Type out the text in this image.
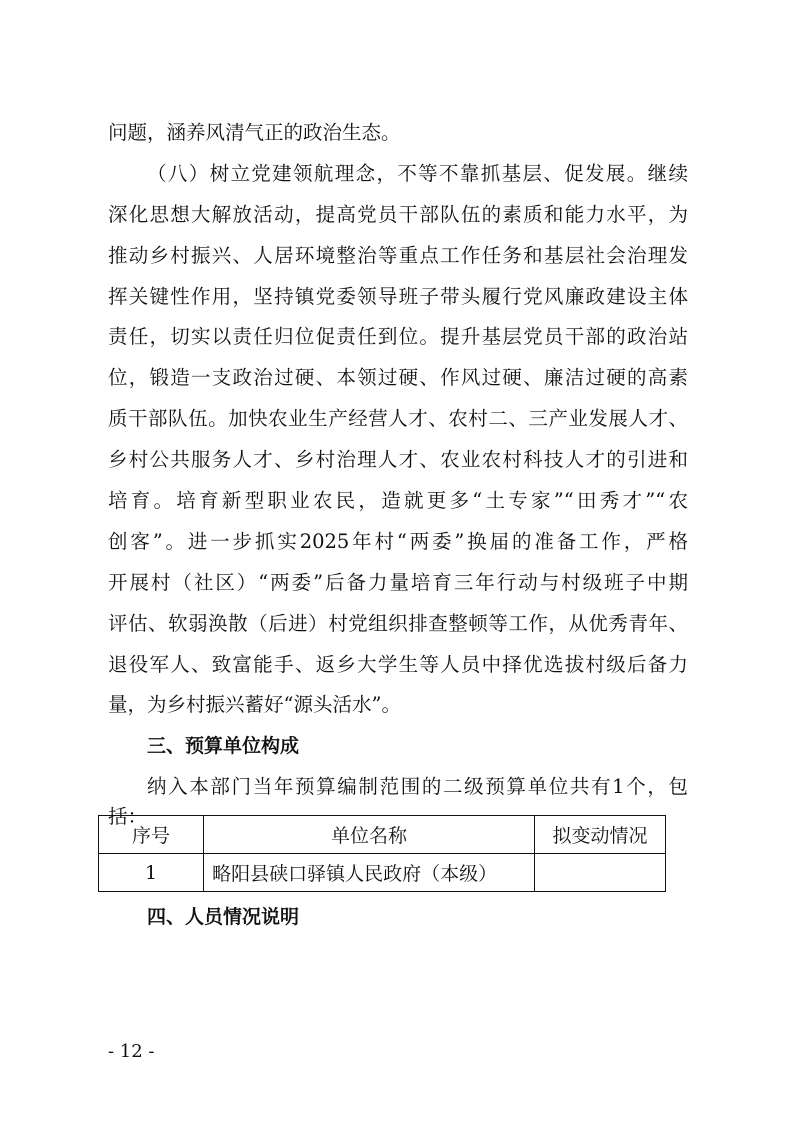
问题，涵养风清气正的政治生态。
（八）树立党建领航理念，不等不靠抓基层、促发展。继续
深化思想大解放活动，提高党员干部队伍的素质和能力水平，为
推动乡村振兴、人居环境整治等重点工作任务和基层社会治理发
挥关键性作用，坚持镇党委领导班子带头履行党风廉政建设主体
责任，切实以责任归位促责任到位。提升基层党员干部的政治站
位，锻造一支政治过硬、本领过硬、作风过硬、廉洁过硬的高素
质干部队伍。加快农业生产经营人才、农村二、三产业发展人才、
乡村公共服务人才、乡村治理人才、农业农村科技人才的引进和
培育。培育新型职业农民，造就更多“土专家”“田秀才”“农
创客”。进一步抓实2025年村“两委”换届的准备工作，严格
开展村（社区）“两委”后备力量培育三年行动与村级班子中期
评估、软弱涣散（后进）村党组织排查整顿等工作，从优秀青年、
退役军人、致富能手、返乡大学生等人员中择优选拔村级后备力
量，为乡村振兴蓄好“源头活水”。
三、预算单位构成
纳入本部门当年预算编制范围的二级预算单位共有1个，包
括：
序号	单位名称	拟变动情况
1	略阳县硖口驿镇人民政府（本级）	
四、人员情况说明
- 12 -
